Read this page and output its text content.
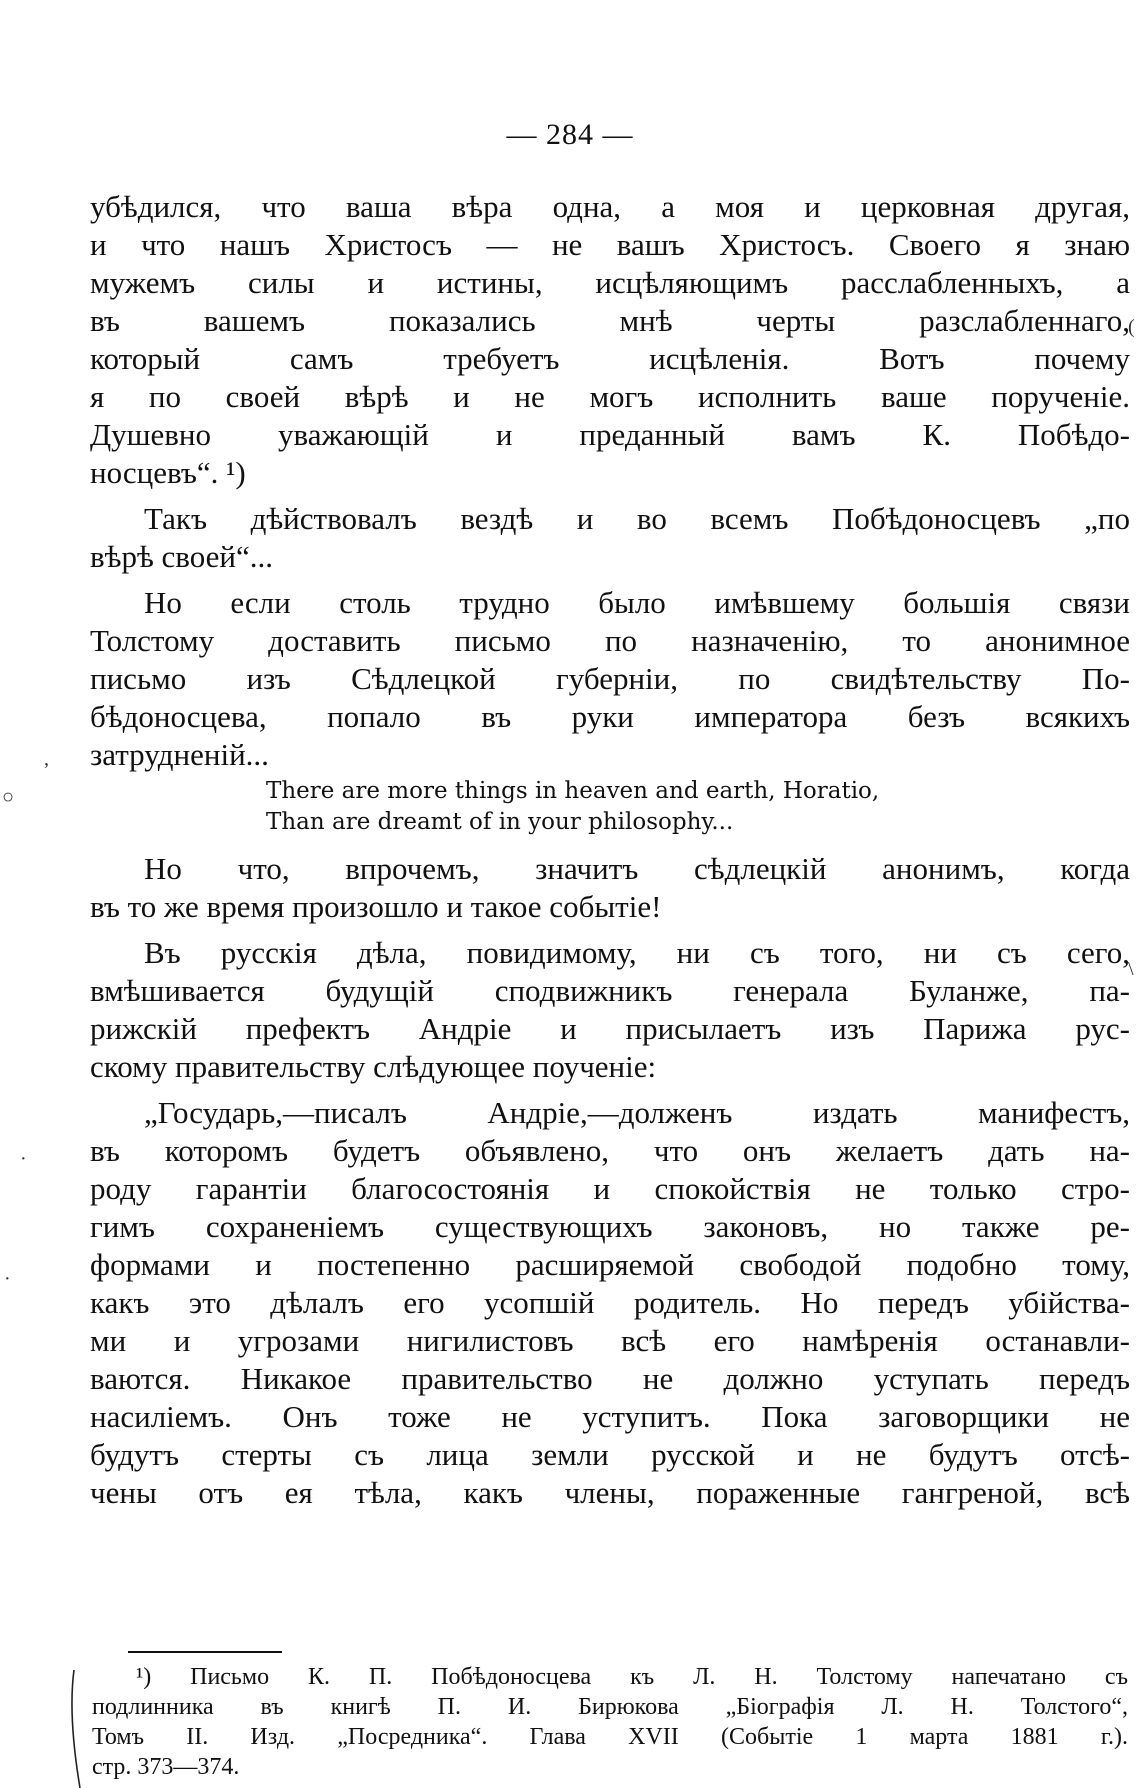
— 284 —
убѣдился, что ваша вѣра одна, а моя и церковная другая,
и что нашъ Христосъ — не вашъ Христосъ. Своего я знаю
мужемъ силы и истины, исцѣляющимъ расслабленныхъ, а
въ вашемъ показались мнѣ черты разслабленнаго,
который самъ требуетъ исцѣленія. Вотъ почему
я по своей вѣрѣ и не могъ исполнить ваше порученіе.
Душевно уважающій и преданный вамъ К. Побѣдо-
носцевъ“. ¹)
Такъ дѣйствовалъ вездѣ и во всемъ Побѣдоносцевъ „по
вѣрѣ своей“...
Но если столь трудно было имѣвшему большія связи
Толстому доставить письмо по назначенію, то анонимное
письмо изъ Сѣдлецкой губерніи, по свидѣтельству По-
бѣдоносцева, попало въ руки императора безъ всякихъ
затрудненій...
There are more things in heaven and earth, Horatio,
Than are dreamt of in your philosophy...
Но что, впрочемъ, значитъ сѣдлецкій анонимъ, когда
въ то же время произошло и такое событіе!
Въ русскія дѣла, повидимому, ни съ того, ни съ сего,
вмѣшивается будущій сподвижникъ генерала Буланже, па-
рижскій префектъ Андріе и присылаетъ изъ Парижа рус-
скому правительству слѣдующее поученіе:
„Государь,—писалъ Андріе,—долженъ издать манифестъ,
въ которомъ будетъ объявлено, что онъ желаетъ дать на-
роду гарантіи благосостоянія и спокойствія не только стро-
гимъ сохраненіемъ существующихъ законовъ, но также ре-
формами и постепенно расширяемой свободой подобно тому,
какъ это дѣлалъ его усопшій родитель. Но передъ убійства-
ми и угрозами нигилистовъ всѣ его намѣренія останавли-
ваются. Никакое правительство не должно уступать передъ
насиліемъ. Онъ тоже не уступитъ. Пока заговорщики не
будутъ стерты съ лица земли русской и не будутъ отсѣ-
чены отъ ея тѣла, какъ члены, пораженные гангреной, всѣ
¹) Письмо К. П. Побѣдоносцева къ Л. Н. Толстому напечатано съ
подлинника въ книгѣ П. И. Бирюкова „Біографія Л. Н. Толстого“,
Томъ II. Изд. „Посредника“. Глава XVII (Событіе 1 марта 1881 г.).
стр. 373—374.
○
,
·
·
(
\
